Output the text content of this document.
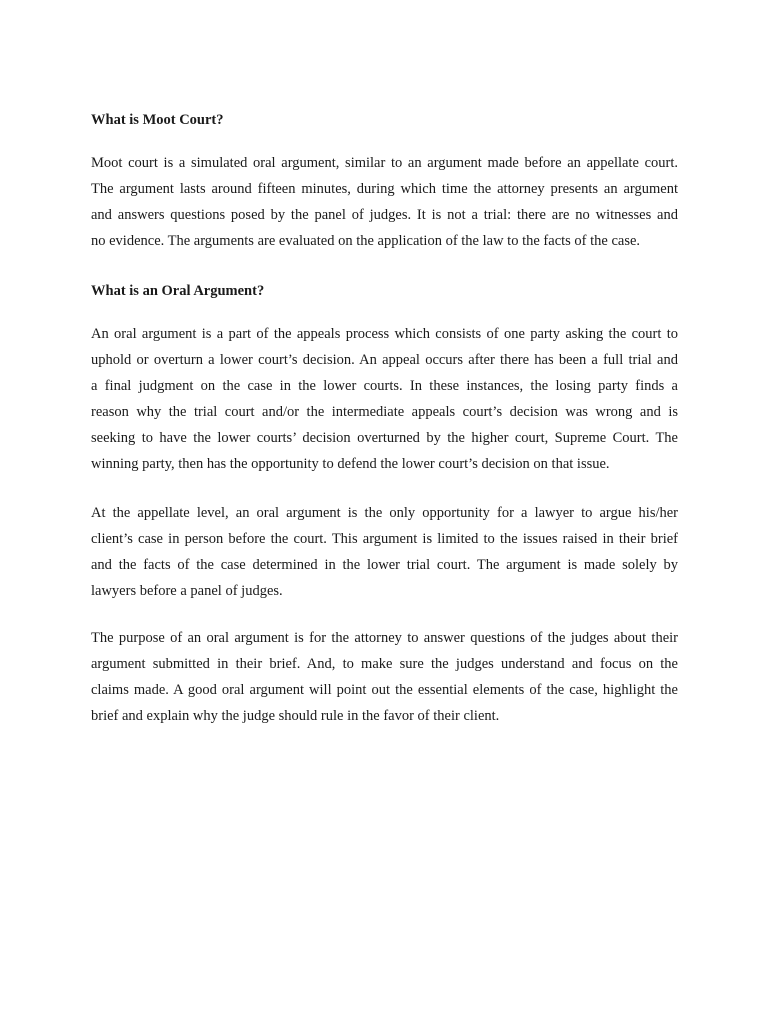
What is Moot Court?

Moot court is a simulated oral argument, similar to an argument made before an appellate court.
The argument lasts around fifteen minutes, during which time the attorney presents an argument
and answers questions posed by the panel of judges. It is not a trial: there are no witnesses and
no evidence. The arguments are evaluated on the application of the law to the facts of the case.

What is an Oral Argument?

An oral argument is a part of the appeals process which consists of one party asking the court to
uphold or overturn a lower court’s decision. An appeal occurs after there has been a full trial and
a final judgment on the case in the lower courts. In these instances, the losing party finds a
reason why the trial court and/or the intermediate appeals court’s decision was wrong and is
seeking to have the lower courts’ decision overturned by the higher court, Supreme Court. The
winning party, then has the opportunity to defend the lower court’s decision on that issue.

At the appellate level, an oral argument is the only opportunity for a lawyer to argue his/her
client’s case in person before the court. This argument is limited to the issues raised in their brief
and the facts of the case determined in the lower trial court. The argument is made solely by
lawyers before a panel of judges.

The purpose of an oral argument is for the attorney to answer questions of the judges about their
argument submitted in their brief. And, to make sure the judges understand and focus on the
claims made. A good oral argument will point out the essential elements of the case, highlight the
brief and explain why the judge should rule in the favor of their client.
